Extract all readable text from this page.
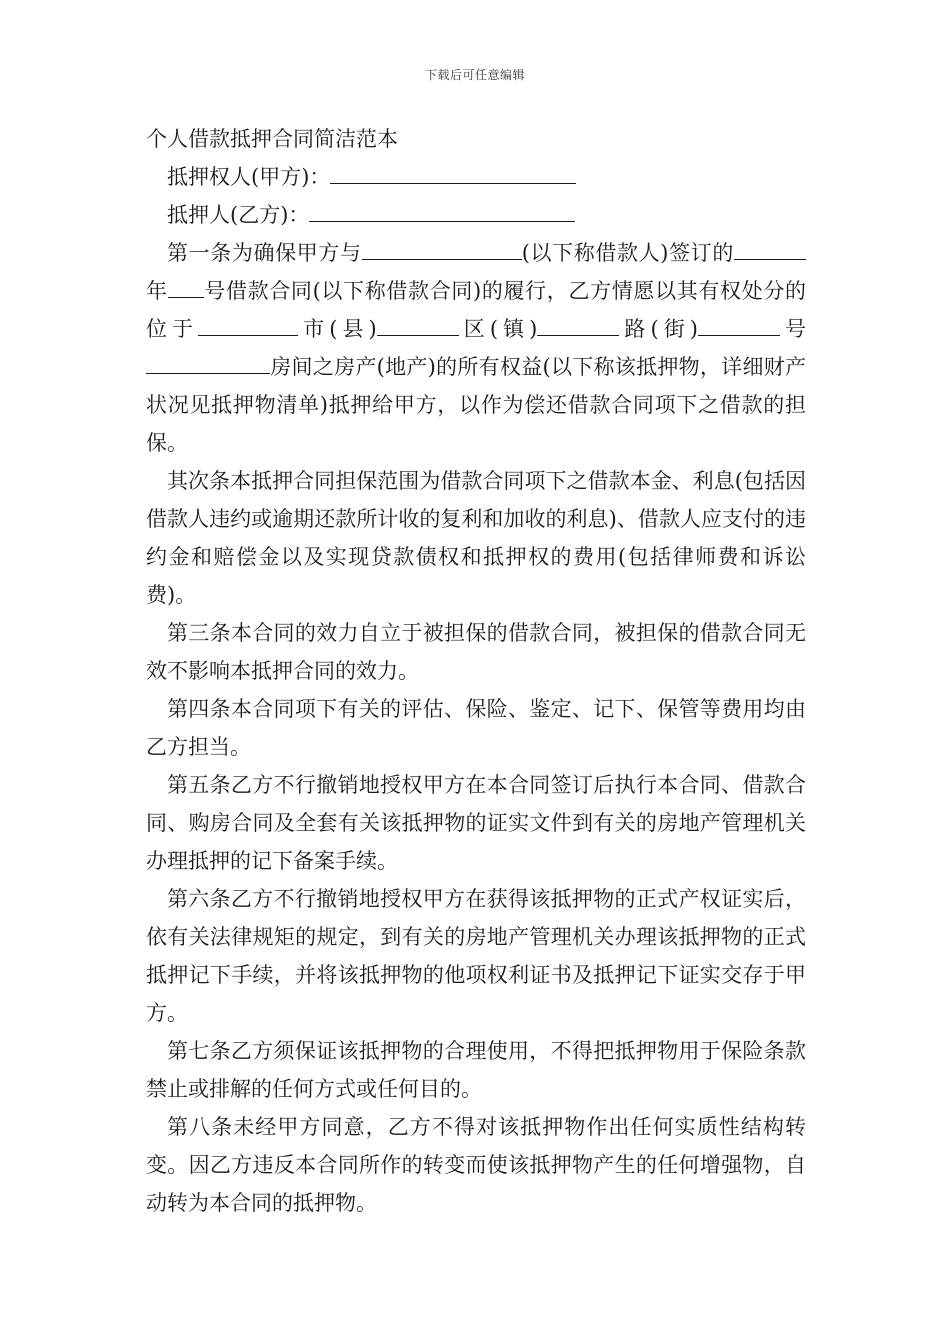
下载后可任意编辑

个人借款抵押合同简洁范本

抵押权人(甲方)：

抵押人(乙方)：

第一条为确保甲方与	(以下称借款人)签订的年 号借款合同(以下称借款合同)的履行，乙方情愿以其有权处分的位于	市(县)	区(镇)	路(街)	号房间之房产(地产)的所有权益(以下称该抵押物，详细财产状况见抵押物清单)抵押给甲方，以作为偿还借款合同项下之借款的担保。

其次条本抵押合同担保范围为借款合同项下之借款本金、利息(包括因借款人违约或逾期还款所计收的复利和加收的利息)、借款人应支付的违约金和赔偿金以及实现贷款债权和抵押权的费用(包括律师费和诉讼费)。

第三条本合同的效力自立于被担保的借款合同，被担保的借款合同无效不影响本抵押合同的效力。

第四条本合同项下有关的评估、保险、鉴定、记下、保管等费用均由乙方担当。

第五条乙方不行撤销地授权甲方在本合同签订后执行本合同、借款合同、购房合同及全套有关该抵押物的证实文件到有关的房地产管理机关办理抵押的记下备案手续。

第六条乙方不行撤销地授权甲方在获得该抵押物的正式产权证实后，依有关法律规矩的规定，到有关的房地产管理机关办理该抵押物的正式抵押记下手续，并将该抵押物的他项权利证书及抵押记下证实交存于甲方。

第七条乙方须保证该抵押物的合理使用，不得把抵押物用于保险条款禁止或排解的任何方式或任何目的。

第八条未经甲方同意，乙方不得对该抵押物作出任何实质性结构转变。因乙方违反本合同所作的转变而使该抵押物产生的任何增强物，自动转为本合同的抵押物。
